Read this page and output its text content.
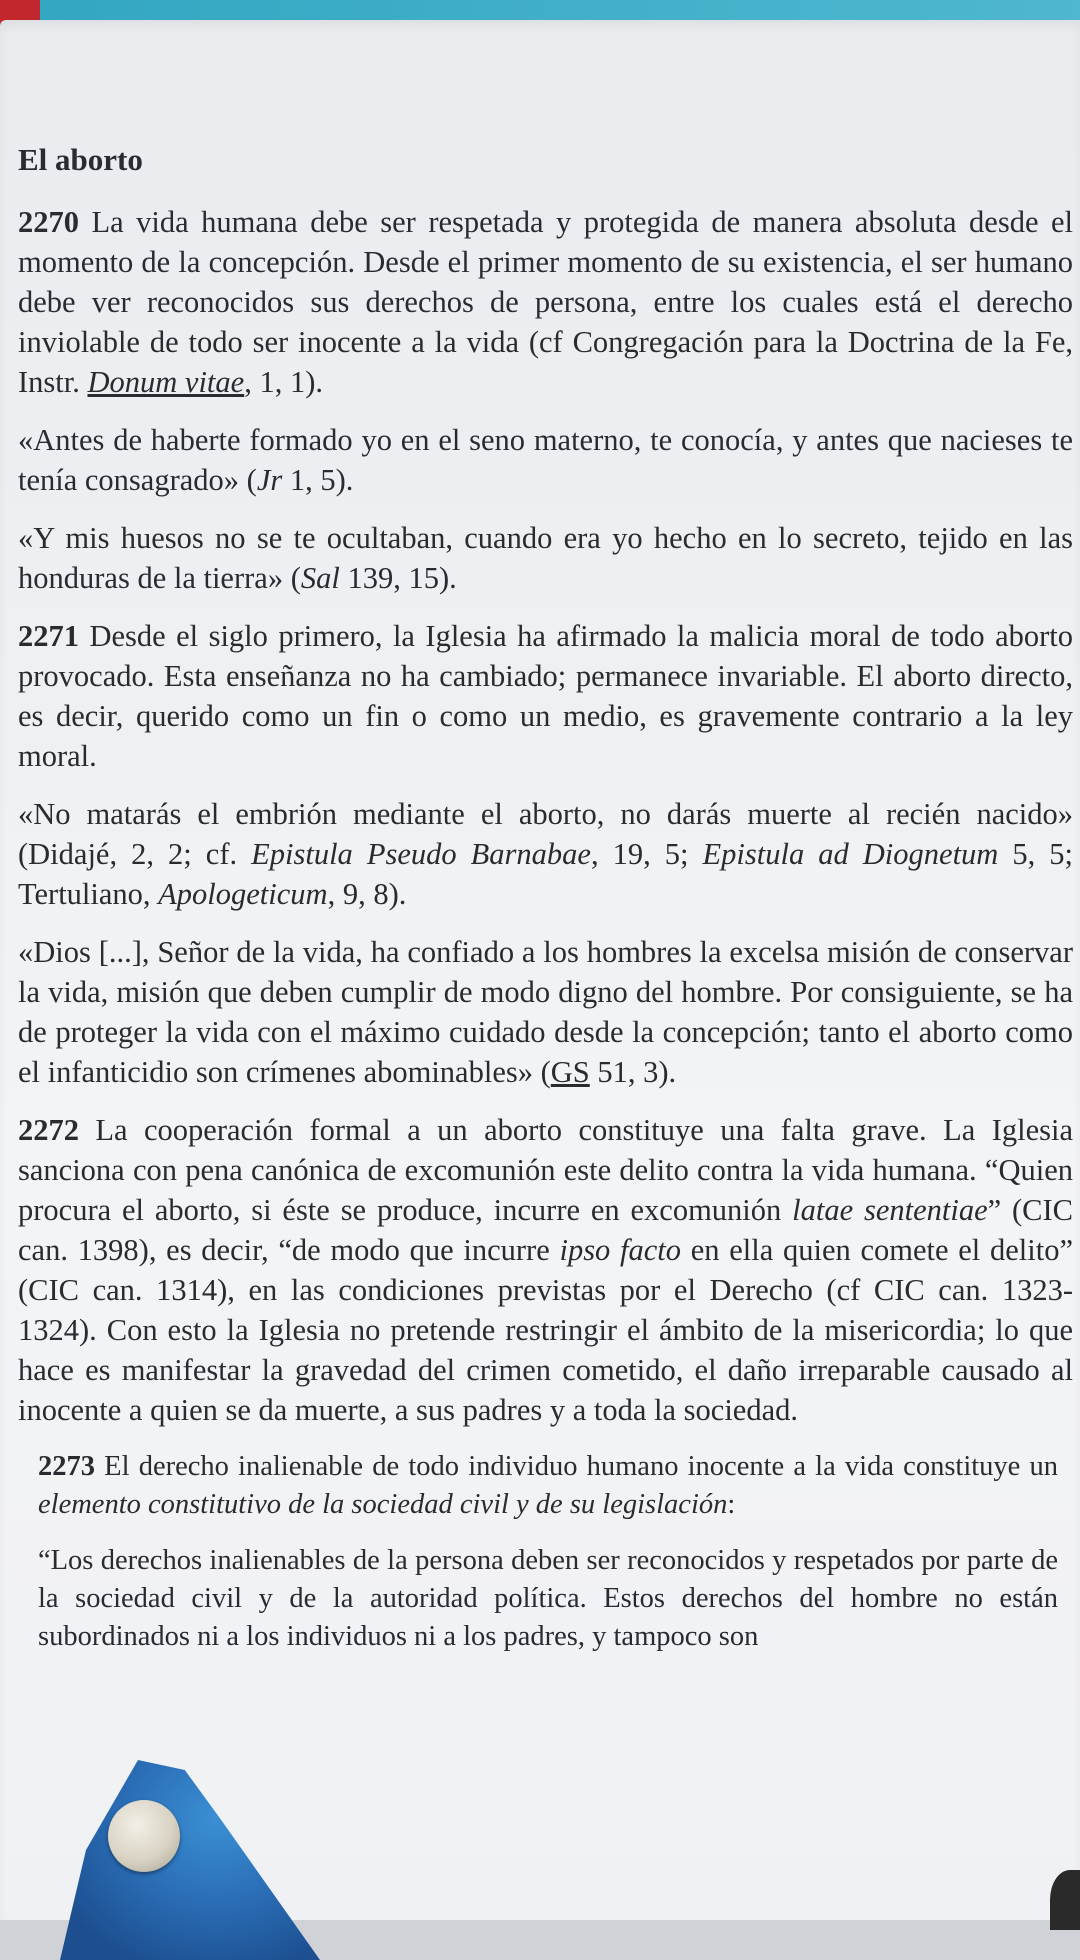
El aborto

2270 La vida humana debe ser respetada y protegida de manera absoluta desde el momento de la concepción. Desde el primer momento de su existencia, el ser humano debe ver reconocidos sus derechos de persona, entre los cuales está el derecho inviolable de todo ser inocente a la vida (cf Congregación para la Doctrina de la Fe, Instr. Donum vitae, 1, 1).

«Antes de haberte formado yo en el seno materno, te conocía, y antes que nacieses te tenía consagrado» (Jr 1, 5).

«Y mis huesos no se te ocultaban, cuando era yo hecho en lo secreto, tejido en las honduras de la tierra» (Sal 139, 15).

2271 Desde el siglo primero, la Iglesia ha afirmado la malicia moral de todo aborto provocado. Esta enseñanza no ha cambiado; permanece invariable. El aborto directo, es decir, querido como un fin o como un medio, es gravemente contrario a la ley moral.

«No matarás el embrión mediante el aborto, no darás muerte al recién nacido» (Didajé, 2, 2; cf. Epistula Pseudo Barnabae, 19, 5; Epistula ad Diognetum 5, 5; Tertuliano, Apologeticum, 9, 8).

«Dios [...], Señor de la vida, ha confiado a los hombres la excelsa misión de conservar la vida, misión que deben cumplir de modo digno del hombre. Por consiguiente, se ha de proteger la vida con el máximo cuidado desde la concepción; tanto el aborto como el infanticidio son crímenes abominables» (GS 51, 3).

2272 La cooperación formal a un aborto constituye una falta grave. La Iglesia sanciona con pena canónica de excomunión este delito contra la vida humana. “Quien procura el aborto, si éste se produce, incurre en excomunión latae sententiae” (CIC can. 1398), es decir, “de modo que incurre ipso facto en ella quien comete el delito” (CIC can. 1314), en las condiciones previstas por el Derecho (cf CIC can. 1323-1324). Con esto la Iglesia no pretende restringir el ámbito de la misericordia; lo que hace es manifestar la gravedad del crimen cometido, el daño irreparable causado al inocente a quien se da muerte, a sus padres y a toda la sociedad.

2273 El derecho inalienable de todo individuo humano inocente a la vida constituye un elemento constitutivo de la sociedad civil y de su legislación:

“Los derechos inalienables de la persona deben ser reconocidos y respetados por parte de la sociedad civil y de la autoridad política. Estos derechos del hombre no están subordinados ni a los individuos ni a los padres, y tampoco son
